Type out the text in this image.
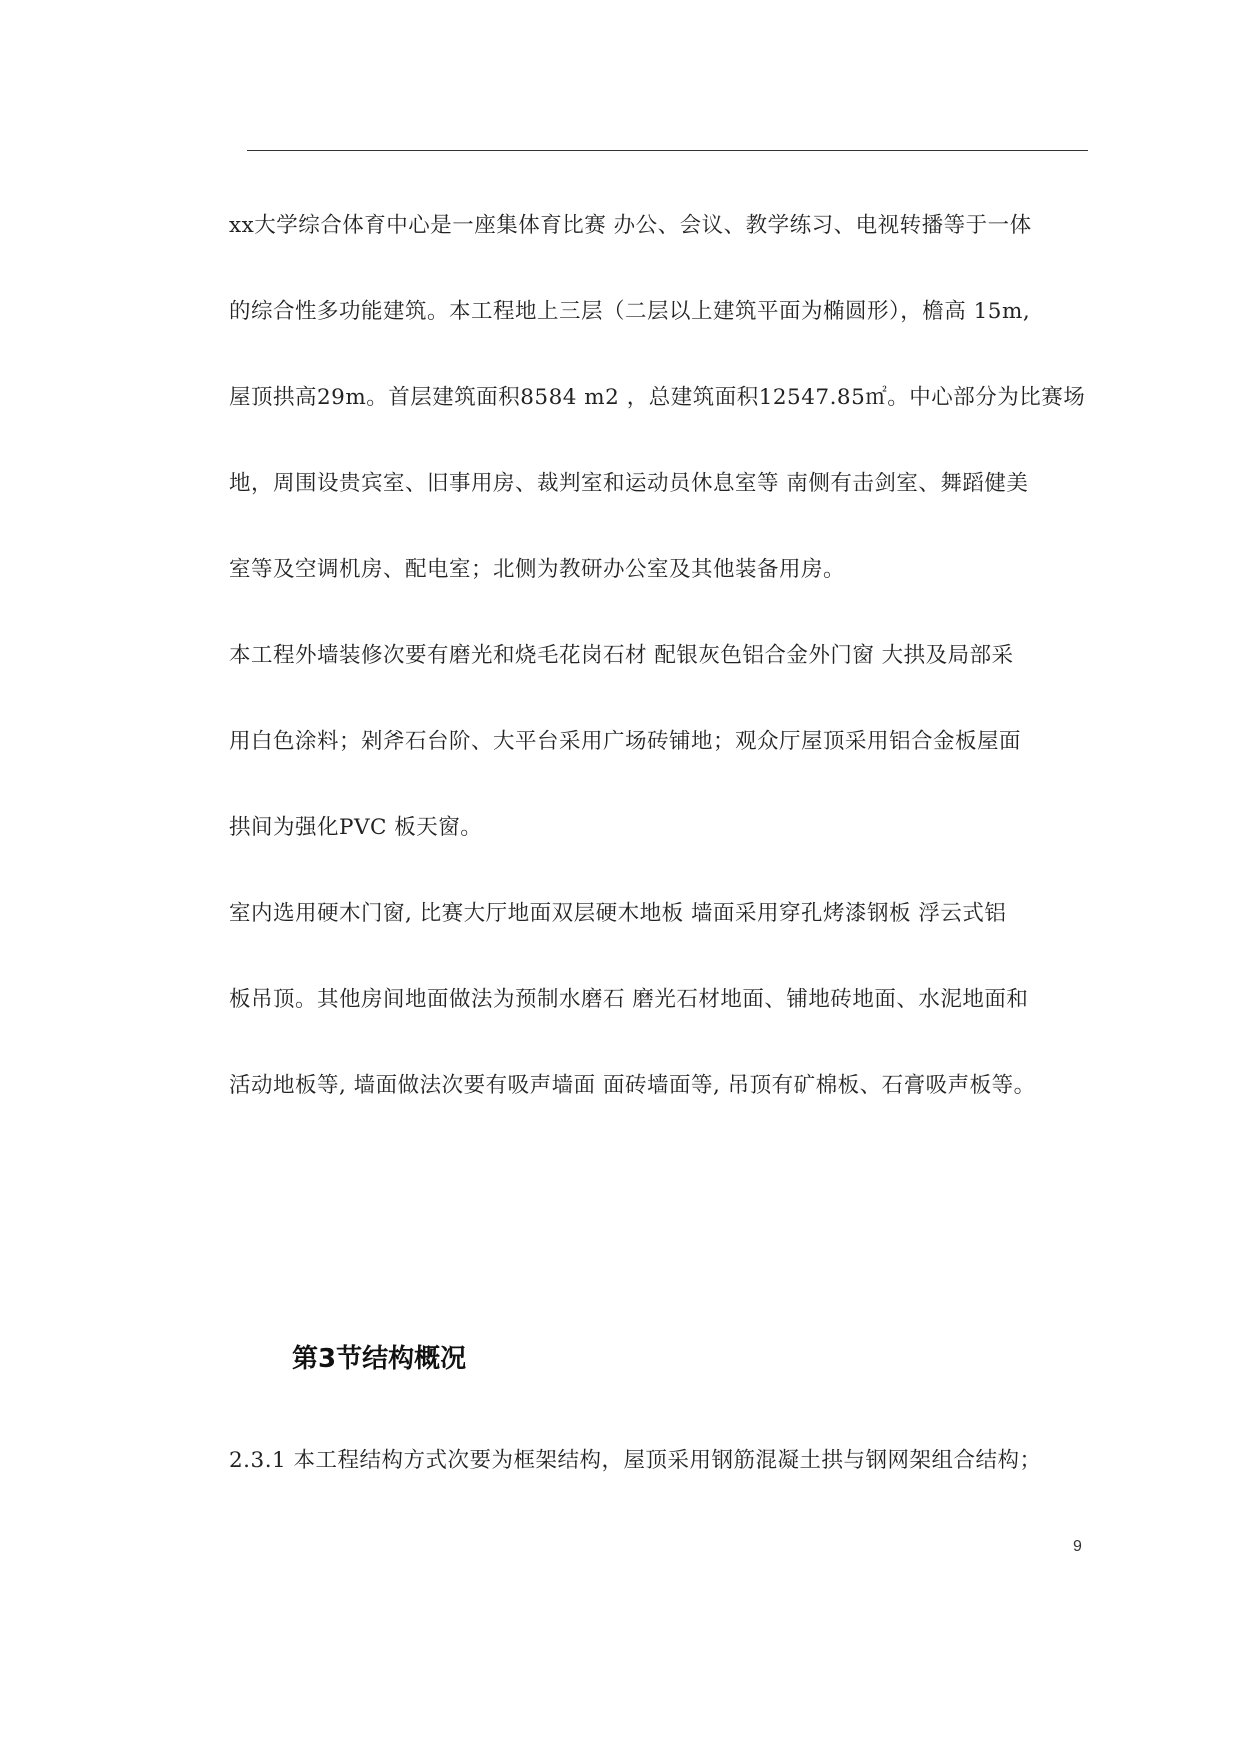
xx大学综合体育中心是一座集体育比赛 办公、会议、教学练习、电视转播等于一体
的综合性多功能建筑。本工程地上三层（二层以上建筑平面为椭圆形），檐高 15m,
屋顶拱高29m。首层建筑面积8584 m2 ，总建筑面积12547.85㎡。中心部分为比赛场
地，周围设贵宾室、旧事用房、裁判室和运动员休息室等 南侧有击剑室、舞蹈健美
室等及空调机房、配电室；北侧为教研办公室及其他装备用房。
本工程外墙装修次要有磨光和烧毛花岗石材 配银灰色铝合金外门窗 大拱及局部采
用白色涂料；剁斧石台阶、大平台采用广场砖铺地；观众厅屋顶采用铝合金板屋面
拱间为强化PVC 板天窗。
室内选用硬木门窗, 比赛大厅地面双层硬木地板 墙面采用穿孔烤漆钢板 浮云式铝
板吊顶。其他房间地面做法为预制水磨石 磨光石材地面、铺地砖地面、水泥地面和
活动地板等, 墙面做法次要有吸声墙面 面砖墙面等, 吊顶有矿棉板、石膏吸声板等。
第3节结构概况
2.3.1 本工程结构方式次要为框架结构，屋顶采用钢筋混凝土拱与钢网架组合结构；
9
